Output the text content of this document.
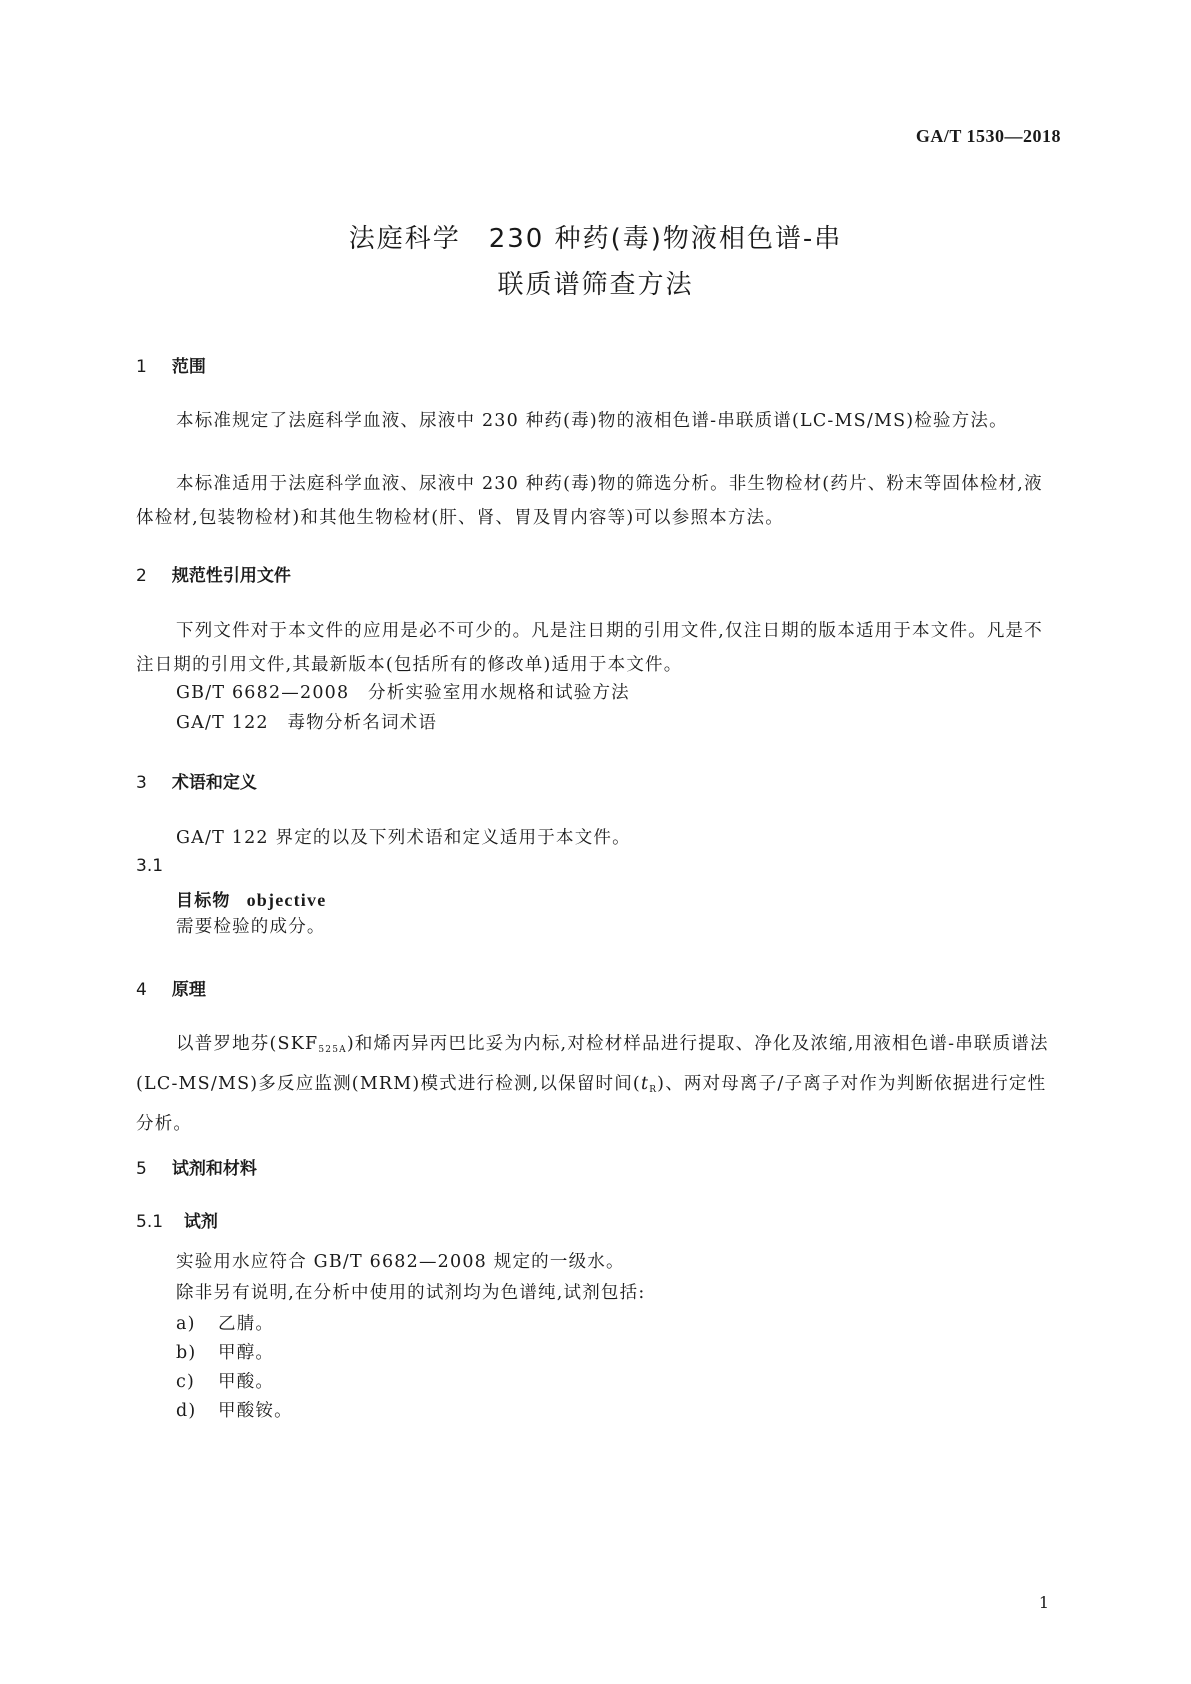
GA/T 1530—2018
法庭科学　230 种药(毒)物液相色谱-串
联质谱筛查方法
1 范围
本标准规定了法庭科学血液、尿液中 230 种药(毒)物的液相色谱-串联质谱(LC-MS/MS)检验方法。
本标准适用于法庭科学血液、尿液中 230 种药(毒)物的筛选分析。非生物检材(药片、粉末等固体检材,液体检材,包装物检材)和其他生物检材(肝、肾、胃及胃内容等)可以参照本方法。
2 规范性引用文件
下列文件对于本文件的应用是必不可少的。凡是注日期的引用文件,仅注日期的版本适用于本文件。凡是不注日期的引用文件,其最新版本(包括所有的修改单)适用于本文件。
GB/T 6682—2008　分析实验室用水规格和试验方法
GA/T 122　毒物分析名词术语
3 术语和定义
GA/T 122 界定的以及下列术语和定义适用于本文件。
3.1
目标物 objective
需要检验的成分。
4 原理
以普罗地芬$(SKF_{525A})$和烯丙异丙巴比妥为内标,对检材样品进行提取、净化及浓缩,用液相色谱-串联质谱法(LC-MS/MS)多反应监测(MRM)模式进行检测,以保留时间$(t_R)$、两对母离子/子离子对作为判断依据进行定性分析。
5 试剂和材料
5.1 试剂
实验用水应符合 GB/T 6682—2008 规定的一级水。
除非另有说明,在分析中使用的试剂均为色谱纯,试剂包括:
a) 乙腈。
b) 甲醇。
c) 甲酸。
d) 甲酸铵。
1
